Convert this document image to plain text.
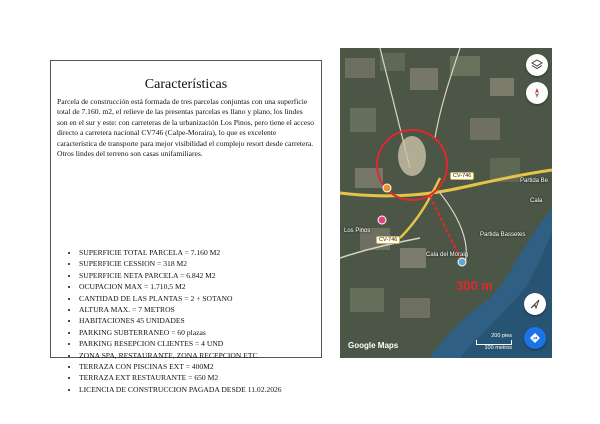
Características
Parcela de construcción está formada de tres parcelas conjuntas con una superficie total de 7.160. m2, el relieve de las presentas parcelas es llano y plano, los lindes son en el sur y este: con carreteras de la urbanización Los Pinos, pero tiene el acceso directo a carretera nacional CV746 (Calpe-Moraira), lo que es excelente característica de transporte para mejor visibilidad el complejo resort desde carretera. Otros lindes del terreno son casas unifamiliares.
• SUPERFICIE TOTAL PARCELA = 7.160 M2
• SUPERFICIE CESSION = 318 M2
• SUPERFICIE NETA PARCELA = 6.842 M2
• OCUPACION MAX = 1.710,5 M2
• CANTIDAD DE LAS PLANTAS = 2 + SOTANO
• ALTURA MAX. = 7 METROS
• HABITACIONES 45 UNIDADES
• PARKING SUBTERRANEO = 60 plazas
• PARKING RESEPCION CLIENTES = 4 UND
• ZONA SPA, RESTAURANTE, ZONA RECEPCION ETC
• TERRAZA CON PISCINAS EXT = 400M2
• TERRAZA EXT RESTAURANTE = 650 M2
• LICENCIA DE CONSTRUCCION PAGADA DESDE 11.02.2026
CV-746
CV-746
Los Pinos
Cala del Moraig
Partida Bassetes
Partida Be
Cala
300 m
Google Maps
200 pies
100 metros
